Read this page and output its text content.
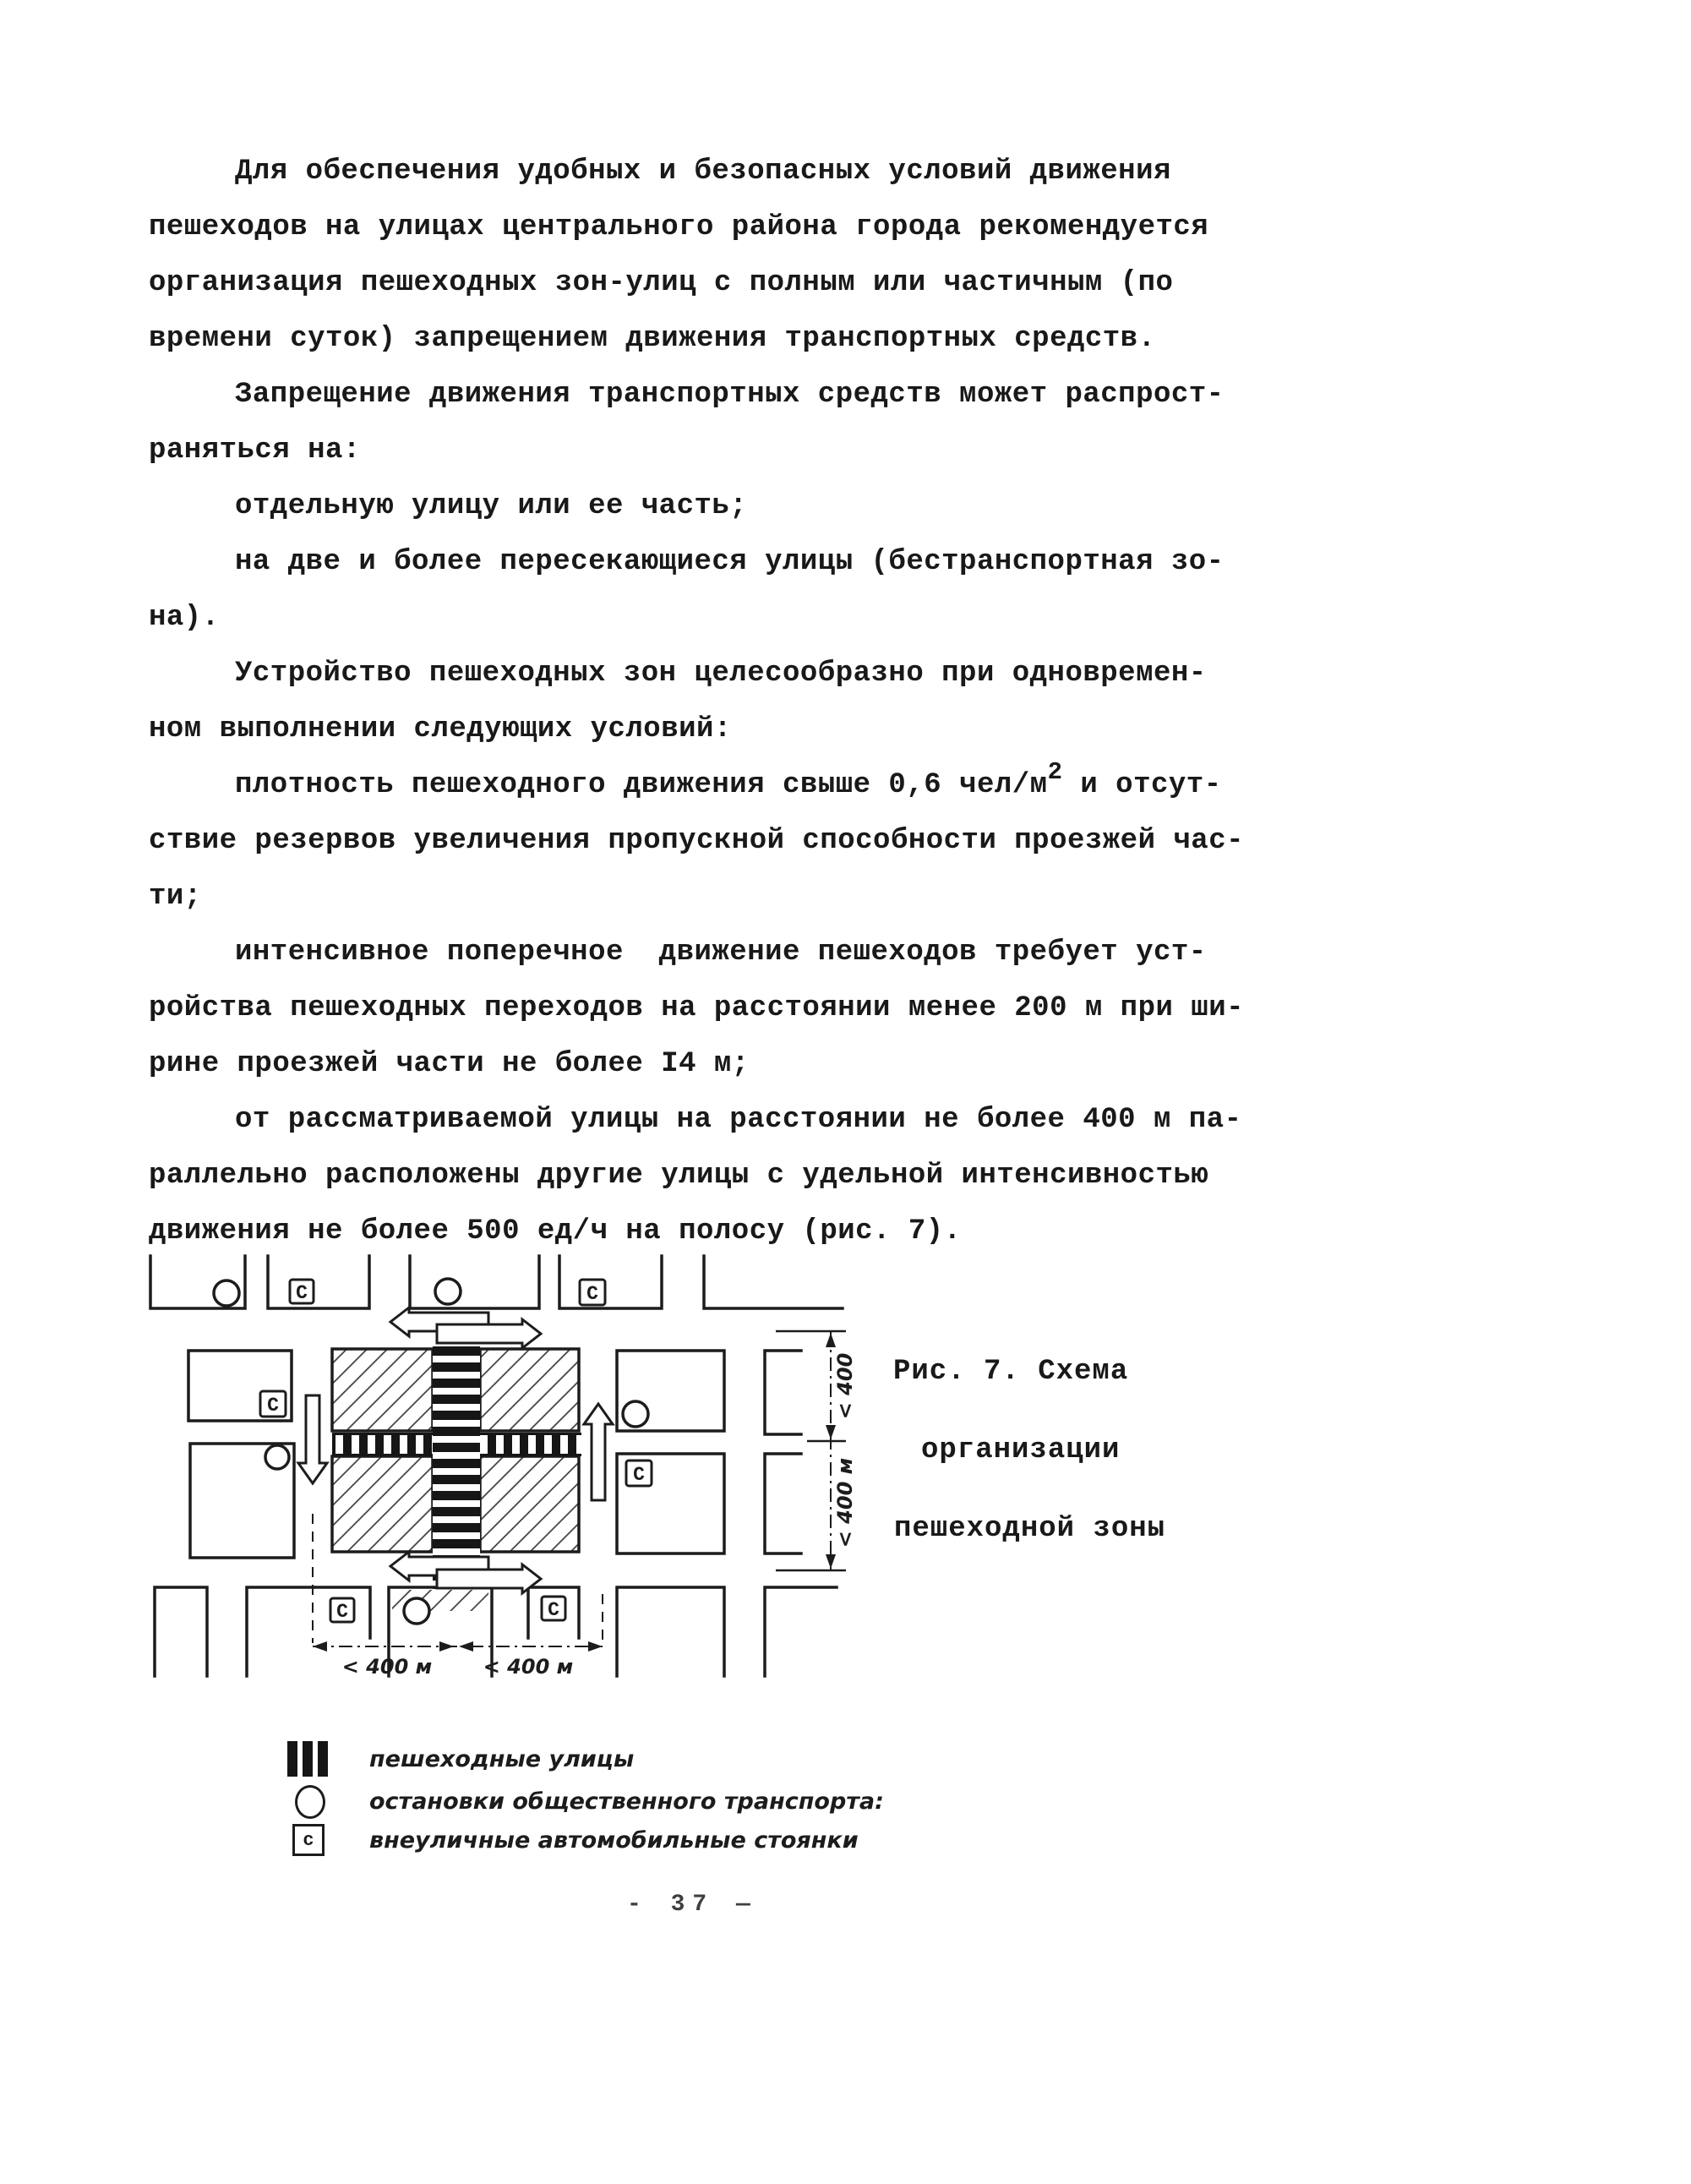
Для обеспечения удобных и безопасных условий движения
пешеходов на улицах центрального района города рекомендуется
организация пешеходных зон-улиц с полным или частичным (по
времени суток) запрещением движения транспортных средств.
Запрещение движения транспортных средств может распрост-
раняться на:
отдельную улицу или ее часть;
на две и более пересекающиеся улицы (бестранспортная зо-
на).
Устройство пешеходных зон целесообразно при одновремен-
ном выполнении следующих условий:
плотность пешеходного движения свыше 0,6 чел/м2 и отсут-
ствие резервов увеличения пропускной способности проезжей час-
ти;
интенсивное поперечное  движение пешеходов требует уст-
ройства пешеходных переходов на расстоянии менее 200 м при ши-
рине проезжей части не более I4 м;
от рассматриваемой улицы на расстоянии не более 400 м па-
раллельно расположены другие улицы с удельной интенсивностью
движения не более 500 ед/ч на полосу (рис. 7).
С	С
С
С
С	С
< 400 м	< 400 м
< 400
< 400 м
Рис. 7. Схема
организации
пешеходной зоны
пешеходные улицы
остановки общественного транспорта:
с	внеуличные автомобильные стоянки
- 37 —
